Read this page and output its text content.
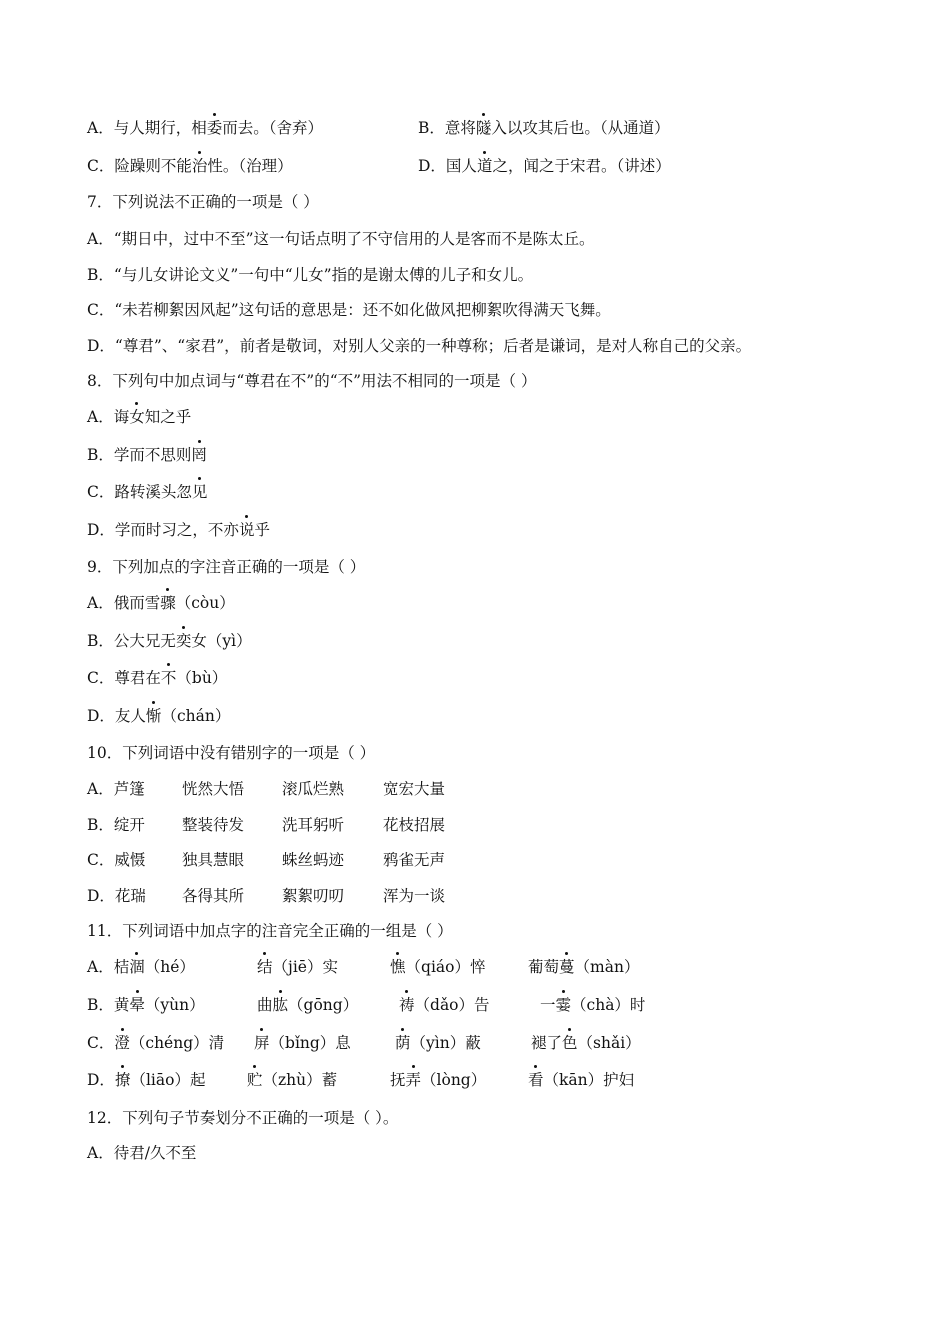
A．与人期行，相委而去。（舍弃）	B．意将隧入以攻其后也。（从通道）
C．险躁则不能治性。（治理）	D．国人道之，闻之于宋君。（讲述）
7．下列说法不正确的一项是（ ）
A．“期日中，过中不至”这一句话点明了不守信用的人是客而不是陈太丘。
B．“与儿女讲论文义”一句中“儿女”指的是谢太傅的儿子和女儿。
C．“未若柳絮因风起”这句话的意思是：还不如化做风把柳絮吹得满天飞舞。
D．“尊君”、“家君”，前者是敬词，对别人父亲的一种尊称；后者是谦词，是对人称自己的父亲。
8．下列句中加点词与“尊君在不”的“不”用法不相同的一项是（ ）
A．诲女知之乎
B．学而不思则罔
C．路转溪头忽见
D．学而时习之，不亦说乎
9．下列加点的字注音正确的一项是（ ）
A．俄而雪骤（còu）
B．公大兄无奕女（yì）
C．尊君在不（bù）
D．友人惭（chán）
10．下列词语中没有错别字的一项是（ ）
A．芦篷 恍然大悟 滚瓜烂熟	宽宏大量
B．绽开 整装待发 洗耳躬听	花枝招展
C．威慑 独具慧眼 蛛丝蚂迹	鸦雀无声
D．花瑞 各得其所 絮絮叨叨	浑为一谈
11．下列词语中加点字的注音完全正确的一组是（ ）
A．桔涸（hé）	结（jiē）实	憔（qiáo）悴	葡萄蔓（màn）
B．黄晕（yùn）	曲肱（gōng）	祷（dǎo）告	一霎（chà）时
C．澄（chéng）清 屏（bǐng）息	荫（yìn）蔽	褪了色（shǎi）
D．撩（liāo）起	贮（zhù）蓄	抚弄（lòng）	看（kān）护妇
12．下列句子节奏划分不正确的一项是（ ）。
A．待君/久不至
